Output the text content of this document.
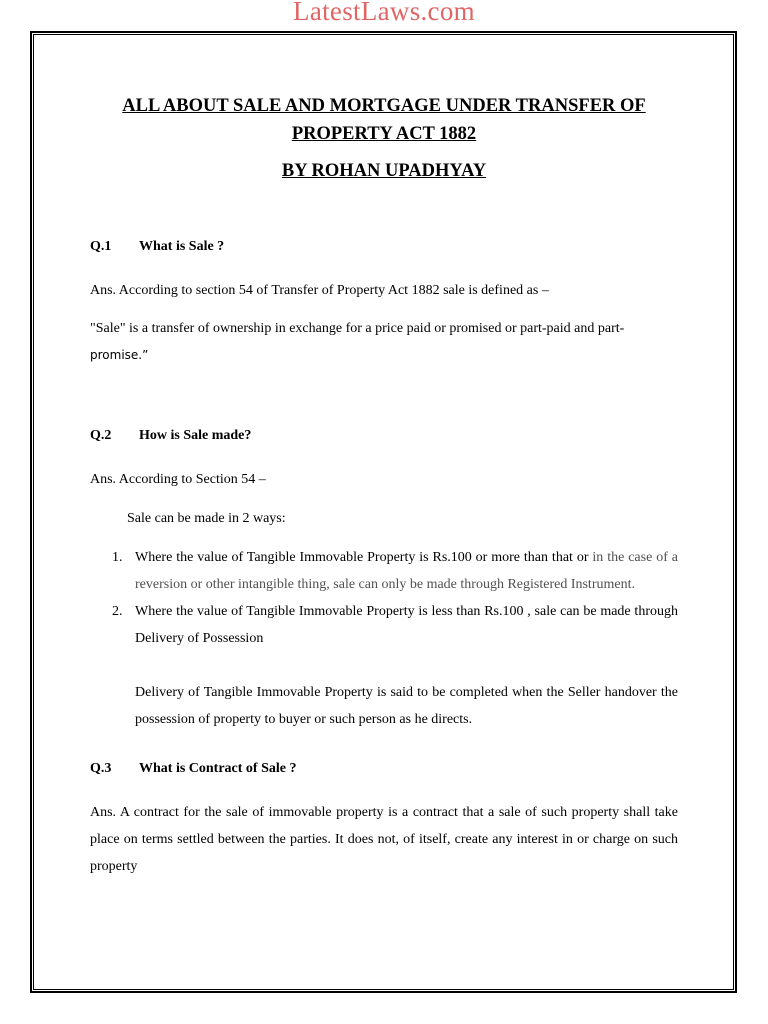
LatestLaws.com

ALL ABOUT SALE AND MORTGAGE UNDER TRANSFER OF PROPERTY ACT 1882

BY ROHAN UPADHYAY

Q.1 What is Sale ?

Ans. According to section 54 of Transfer of Property Act 1882 sale is defined as –

"Sale" is a transfer of ownership in exchange for a price paid or promised or part-paid and part-
promise.”

Q.2 How is Sale made?

Ans. According to Section 54 –

Sale can be made in 2 ways:

1. Where the value of Tangible Immovable Property is Rs.100 or more than that or in the case of a reversion or other intangible thing, sale can only be made through Registered Instrument.
2. Where the value of Tangible Immovable Property is less than Rs.100 , sale can be made through Delivery of Possession

Delivery of Tangible Immovable Property is said to be completed when the Seller handover the possession of property to buyer or such person as he directs.

Q.3 What is Contract of Sale ?

Ans. A contract for the sale of immovable property is a contract that a sale of such property shall take place on terms settled between the parties. It does not, of itself, create any interest in or charge on such property
